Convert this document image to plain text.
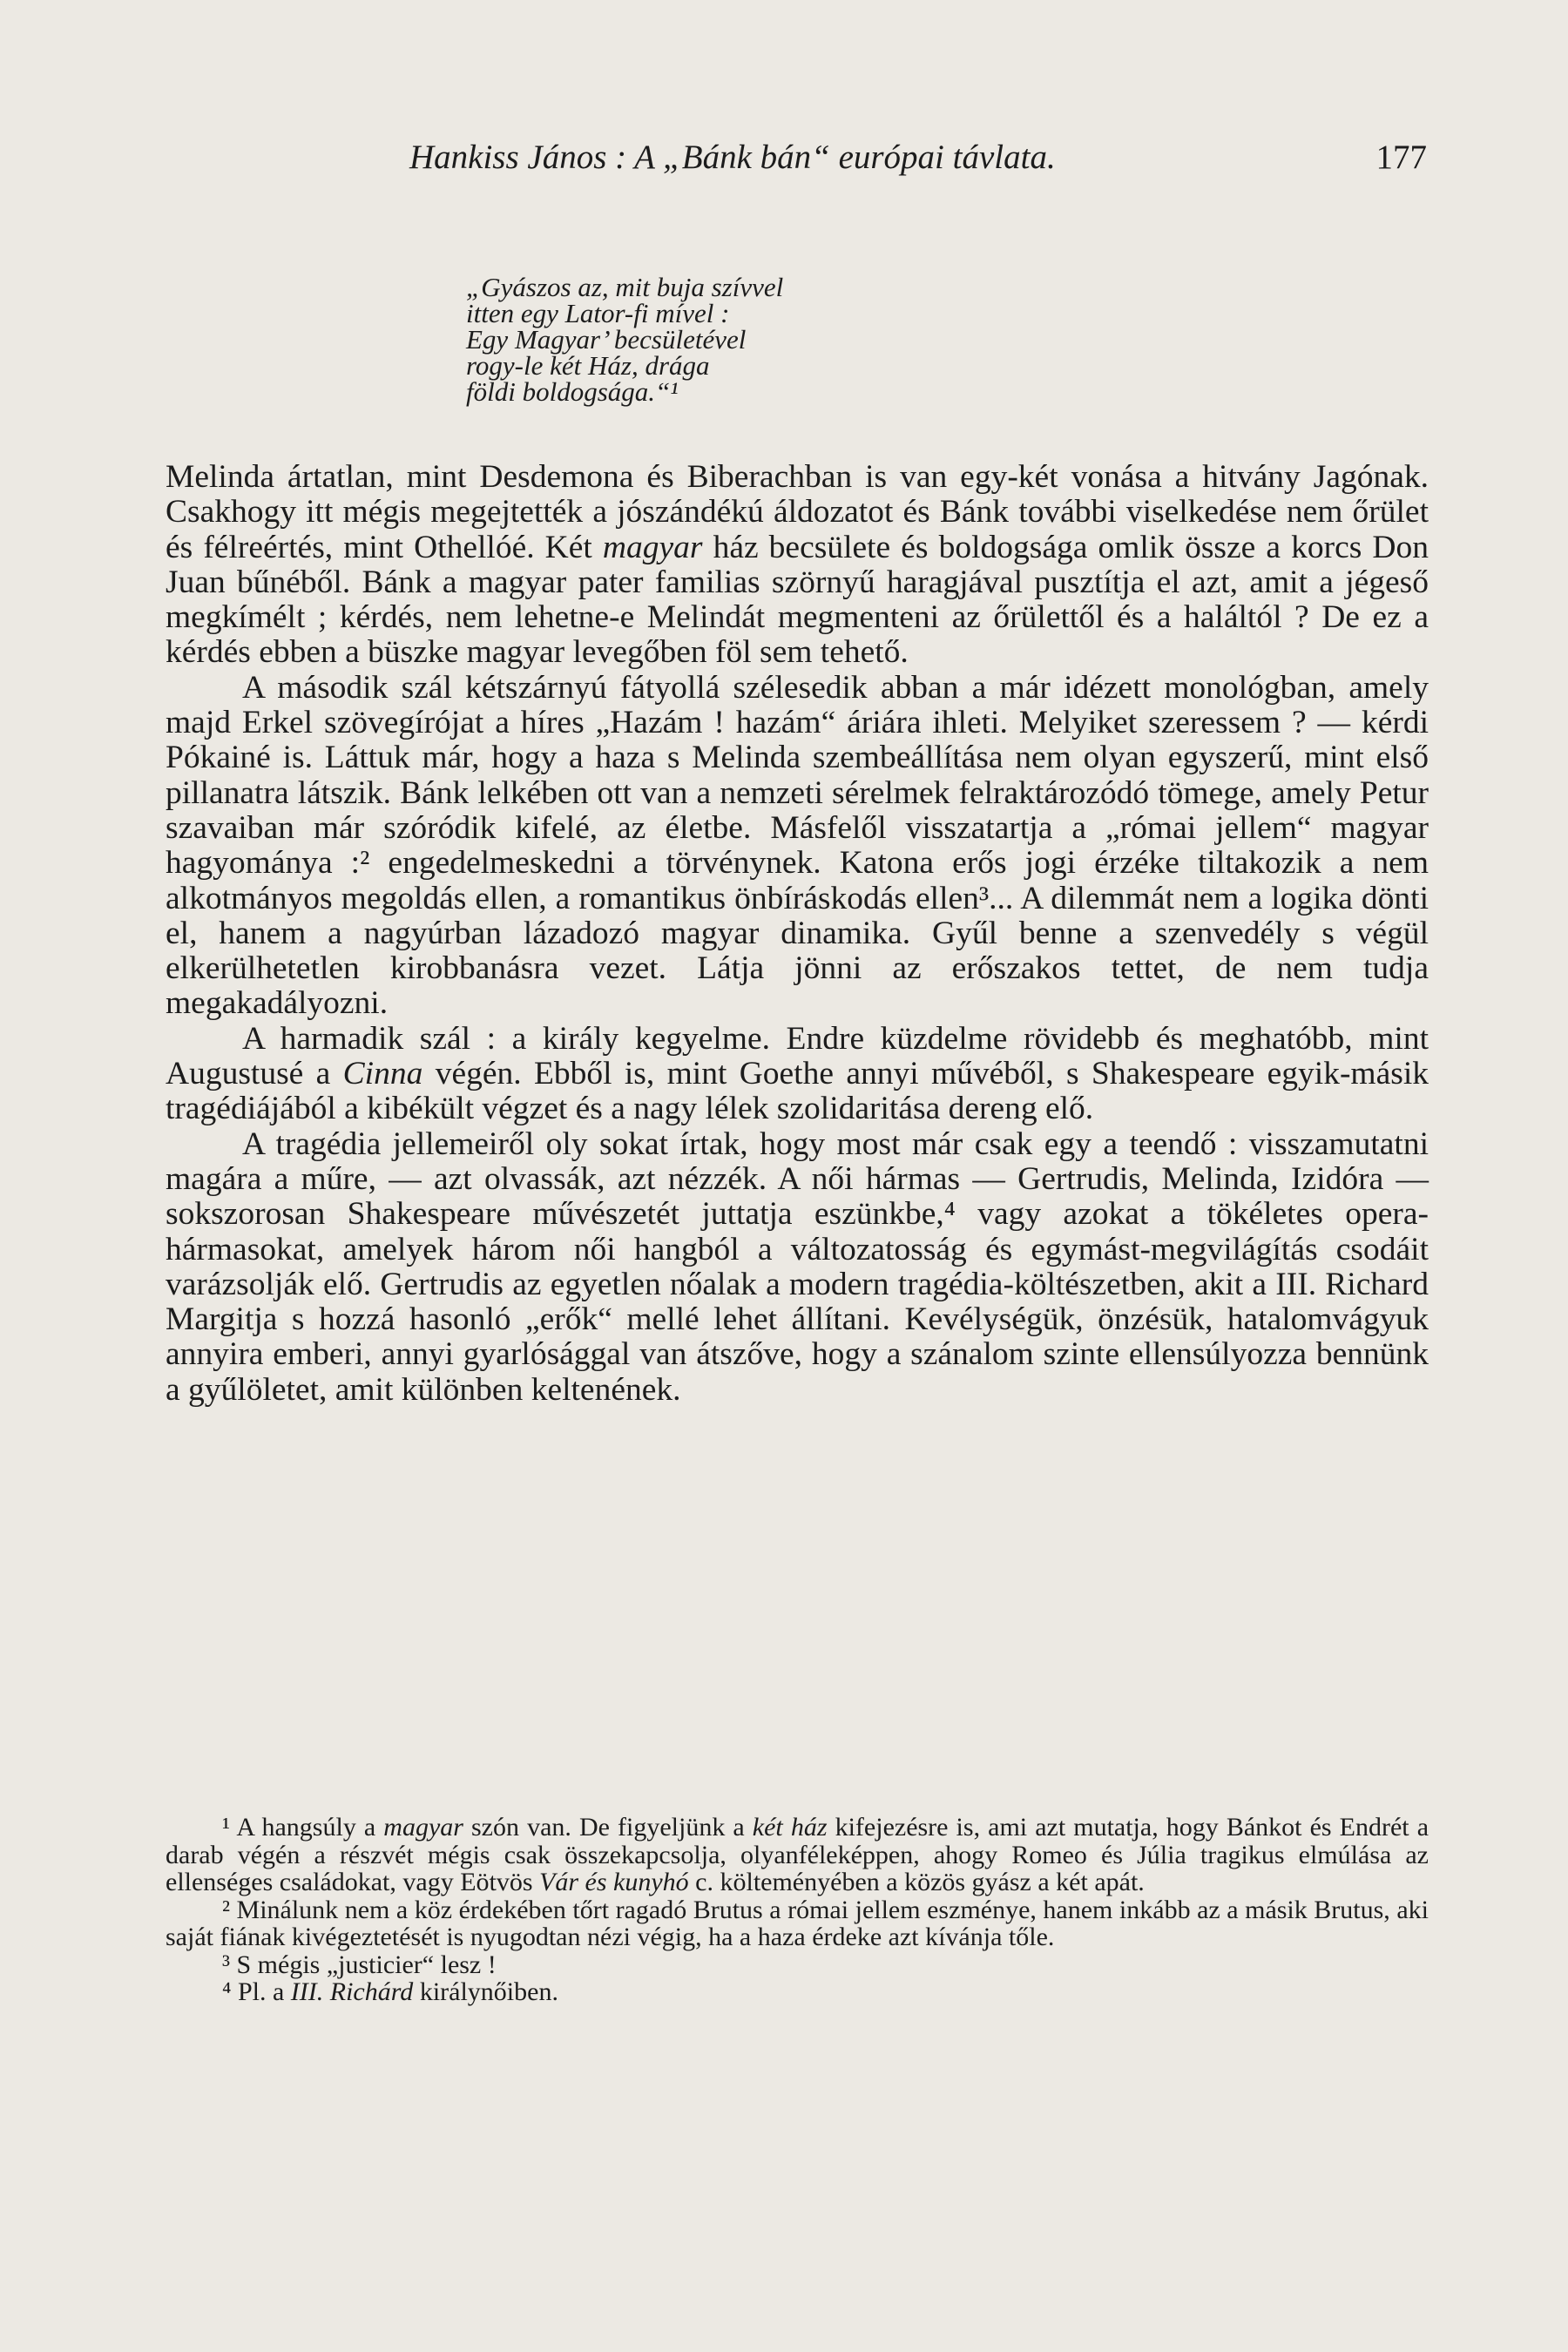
Hankiss János : A „Bánk bán“ európai távlata.	177
„Gyászos az, mit buja szívvel
itten egy Lator-fi mível :
Egy Magyar’ becsületével
rogy-le két Ház, drága
földi boldogsága.“¹

Melinda ártatlan, mint Desdemona és Biberachban is van egy-két vonása a hitvány Jagónak. Csakhogy itt mégis megejtették a jószándékú áldozatot és Bánk további viselkedése nem őrület és félreértés, mint Othellóé. Két magyar ház becsülete és boldogsága omlik össze a korcs Don Juan bűnéből. Bánk a magyar pater familias szörnyű haragjával pusztítja el azt, amit a jégeső megkímélt ; kérdés, nem lehetne-e Melindát megmenteni az őrülettől és a haláltól ? De ez a kérdés ebben a büszke magyar levegőben föl sem tehető.

A második szál kétszárnyú fátyollá szélesedik abban a már idézett monológban, amely majd Erkel szövegírójat a híres „Hazám ! hazám“ áriára ihleti. Melyiket szeressem ? — kérdi Pókainé is. Láttuk már, hogy a haza s Melinda szembeállítása nem olyan egyszerű, mint első pillanatra látszik. Bánk lelkében ott van a nemzeti sérelmek felraktározódó tömege, amely Petur szavaiban már szóródik kifelé, az életbe. Másfelől visszatartja a „római jellem“ magyar hagyományа :² engedelmeskedni a törvénynek. Katona erős jogi érzéke tiltakozik a nem alkotmányos megoldás ellen, a romantikus önbíráskodás ellen³... A dilemmát nem a logika dönti el, hanem a nagyúrban lázadozó magyar dinamika. Gyűl benne a szenvedély s végül elkerülhetetlen kirobbanásra vezet. Látja jönni az erőszakos tettet, de nem tudja megakadályozni.

A harmadik szál : a király kegyelme. Endre küzdelme rövidebb és meghatóbb, mint Augustusé a Cinna végén. Ebből is, mint Goethe annyi művéből, s Shakespeare egyik-másik tragédiájából a kibékült végzet és a nagy lélek szolidaritása dereng elő.

A tragédia jellemeiről oly sokat írtak, hogy most már csak egy a teendő : visszamutatni magára a műre, — azt olvassák, azt nézzék. A női hármas — Gertrudis, Melinda, Izidóra — sokszorosan Shakespeare művészetét juttatja eszünkbe,⁴ vagy azokat a tökéletes opera-hármasokat, amelyek három női hangból a változatosság és egymást-megvilágítás csodáit varázsolják elő. Gertrudis az egyetlen nőalak a modern tragédia-költészetben, akit a III. Richard Margitja s hozzá hasonló „erők“ mellé lehet állítani. Kevélységük, önzésük, hatalomvágyuk annyira emberi, annyi gyarlósággal van átszőve, hogy a szánalom szinte ellensúlyozza bennünk a gyűlöletet, amit különben keltenének.

¹ A hangsúly a magyar szón van. De figyeljünk a két ház kifejezésre is, ami azt mutatja, hogy Bánkot és Endrét a darab végén a részvét mégis csak összekapcsolja, olyanféleképpen, ahogy Romeo és Júlia tragikus elmúlása az ellenséges családokat, vagy Eötvös Vár és kunyhó c. költeményében a közös gyász a két apát.

² Minálunk nem a köz érdekében tőrt ragadó Brutus a római jellem eszménye, hanem inkább az a másik Brutus, aki saját fiának kivégeztetését is nyugodtan nézi végig, ha a haza érdeke azt kívánja tőle.

³ S mégis „justicier“ lesz !

⁴ Pl. a III. Richárd királynőiben.
